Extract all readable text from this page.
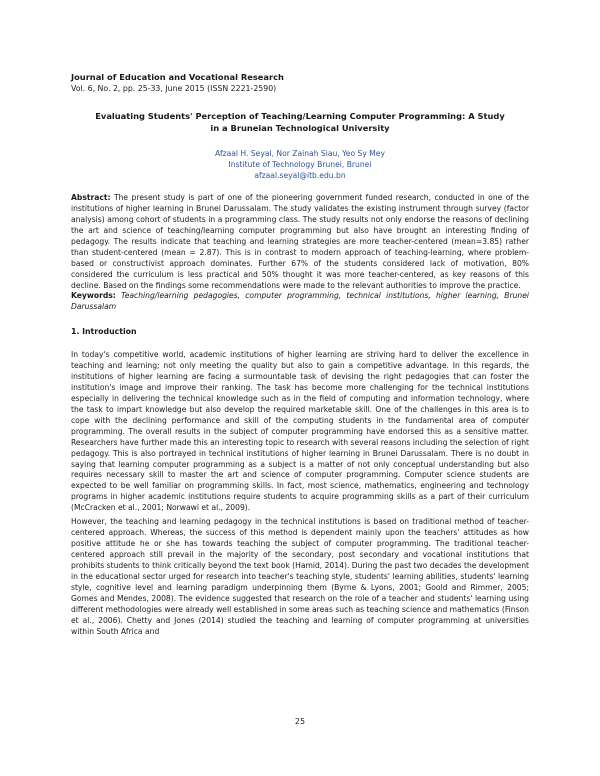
Journal of Education and Vocational Research
Vol. 6, No. 2, pp. 25-33, June 2015 (ISSN 2221-2590)
Evaluating Students' Perception of Teaching/Learning Computer Programming: A Study in a Bruneian Technological University
Afzaal H. Seyal, Nor Zainah Siau, Yeo Sy Mey
Institute of Technology Brunei, Brunei
afzaal.seyal@itb.edu.bn
Abstract: The present study is part of one of the pioneering government funded research, conducted in one of the institutions of higher learning in Brunei Darussalam. The study validates the existing instrument through survey (factor analysis) among cohort of students in a programming class. The study results not only endorse the reasons of declining the art and science of teaching/learning computer programming but also have brought an interesting finding of pedagogy. The results indicate that teaching and learning strategies are more teacher-centered (mean=3.85) rather than student-centered (mean = 2.87). This is in contrast to modern approach of teaching-learning, where problem-based or constructivist approach dominates. Further 67% of the students considered lack of motivation, 80% considered the curriculum is less practical and 50% thought it was more teacher-centered, as key reasons of this decline. Based on the findings some recommendations were made to the relevant authorities to improve the practice.
Keywords: Teaching/learning pedagogies, computer programming, technical institutions, higher learning, Brunei Darussalam
1. Introduction
In today's competitive world, academic institutions of higher learning are striving hard to deliver the excellence in teaching and learning; not only meeting the quality but also to gain a competitive advantage. In this regards, the institutions of higher learning are facing a surmountable task of devising the right pedagogies that can foster the institution's image and improve their ranking. The task has become more challenging for the technical institutions especially in delivering the technical knowledge such as in the field of computing and information technology, where the task to impart knowledge but also develop the required marketable skill. One of the challenges in this area is to cope with the declining performance and skill of the computing students in the fundamental area of computer programming. The overall results in the subject of computer programming have endorsed this as a sensitive matter. Researchers have further made this an interesting topic to research with several reasons including the selection of right pedagogy. This is also portrayed in technical institutions of higher learning in Brunei Darussalam. There is no doubt in saying that learning computer programming as a subject is a matter of not only conceptual understanding but also requires necessary skill to master the art and science of computer programming. Computer science students are expected to be well familiar on programming skills. In fact, most science, mathematics, engineering and technology programs in higher academic institutions require students to acquire programming skills as a part of their curriculum (McCracken et al., 2001; Norwawi et al., 2009).
However, the teaching and learning pedagogy in the technical institutions is based on traditional method of teacher-centered approach. Whereas, the success of this method is dependent mainly upon the teachers' attitudes as how positive attitude he or she has towards teaching the subject of computer programming. The traditional teacher-centered approach still prevail in the majority of the secondary, post secondary and vocational institutions that prohibits students to think critically beyond the text book (Hamid, 2014). During the past two decades the development in the educational sector urged for research into teacher's teaching style, students' learning abilities, students' learning style, cognitive level and learning paradigm underpinning them (Byrne & Lyons, 2001; Goold and Rimmer, 2005; Gomes and Mendes, 2008). The evidence suggested that research on the role of a teacher and students' learning using different methodologies were already well established in some areas such as teaching science and mathematics (Finson et al., 2006). Chetty and Jones (2014) studied the teaching and learning of computer programming at universities within South Africa and
25
